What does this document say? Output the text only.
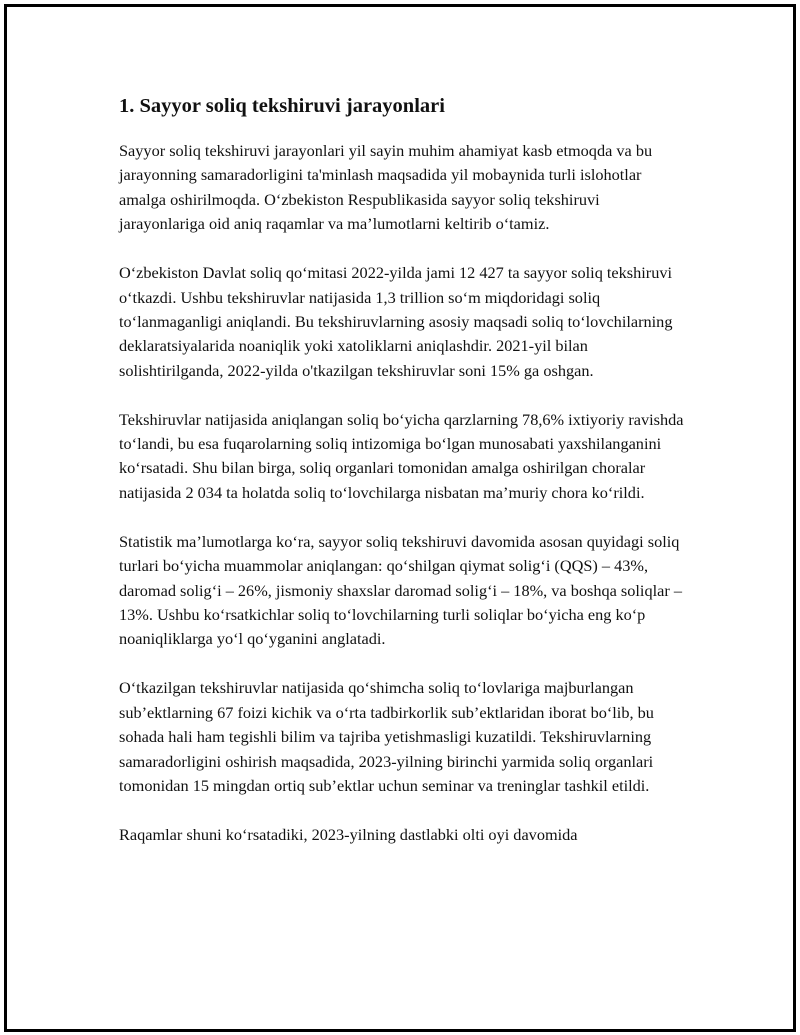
1. Sayyor soliq tekshiruvi jarayonlari

Sayyor soliq tekshiruvi jarayonlari yil sayin muhim ahamiyat kasb etmoqda va bu jarayonning samaradorligini ta'minlash maqsadida yil mobaynida turli islohotlar amalga oshirilmoqda. O‘zbekiston Respublikasida sayyor soliq tekshiruvi jarayonlariga oid aniq raqamlar va ma’lumotlarni keltirib o‘tamiz.

O‘zbekiston Davlat soliq qo‘mitasi 2022-yilda jami 12 427 ta sayyor soliq tekshiruvi o‘tkazdi. Ushbu tekshiruvlar natijasida 1,3 trillion so‘m miqdoridagi soliq to‘lanmaganligi aniqlandi. Bu tekshiruvlarning asosiy maqsadi soliq to‘lovchilarning deklaratsiyalarida noaniqlik yoki xatoliklarni aniqlashdir. 2021-yil bilan solishtirilganda, 2022-yilda o'tkazilgan tekshiruvlar soni 15% ga oshgan.

Tekshiruvlar natijasida aniqlangan soliq bo‘yicha qarzlarning 78,6% ixtiyoriy ravishda to‘landi, bu esa fuqarolarning soliq intizomiga bo‘lgan munosabati yaxshilanganini ko‘rsatadi. Shu bilan birga, soliq organlari tomonidan amalga oshirilgan choralar natijasida 2 034 ta holatda soliq to‘lovchilarga nisbatan ma’muriy chora ko‘rildi.

Statistik ma’lumotlarga ko‘ra, sayyor soliq tekshiruvi davomida asosan quyidagi soliq turlari bo‘yicha muammolar aniqlangan: qo‘shilgan qiymat solig‘i (QQS) – 43%, daromad solig‘i – 26%, jismoniy shaxslar daromad solig‘i – 18%, va boshqa soliqlar – 13%. Ushbu ko‘rsatkichlar soliq to‘lovchilarning turli soliqlar bo‘yicha eng ko‘p noaniqliklarga yo‘l qo‘yganini anglatadi.

O‘tkazilgan tekshiruvlar natijasida qo‘shimcha soliq to‘lovlariga majburlangan sub’ektlarning 67 foizi kichik va o‘rta tadbirkorlik sub’ektlaridan iborat bo‘lib, bu sohada hali ham tegishli bilim va tajriba yetishmasligi kuzatildi. Tekshiruvlarning samaradorligini oshirish maqsadida, 2023-yilning birinchi yarmida soliq organlari tomonidan 15 mingdan ortiq sub’ektlar uchun seminar va treninglar tashkil etildi.

Raqamlar shuni ko‘rsatadiki, 2023-yilning dastlabki olti oyi davomida
